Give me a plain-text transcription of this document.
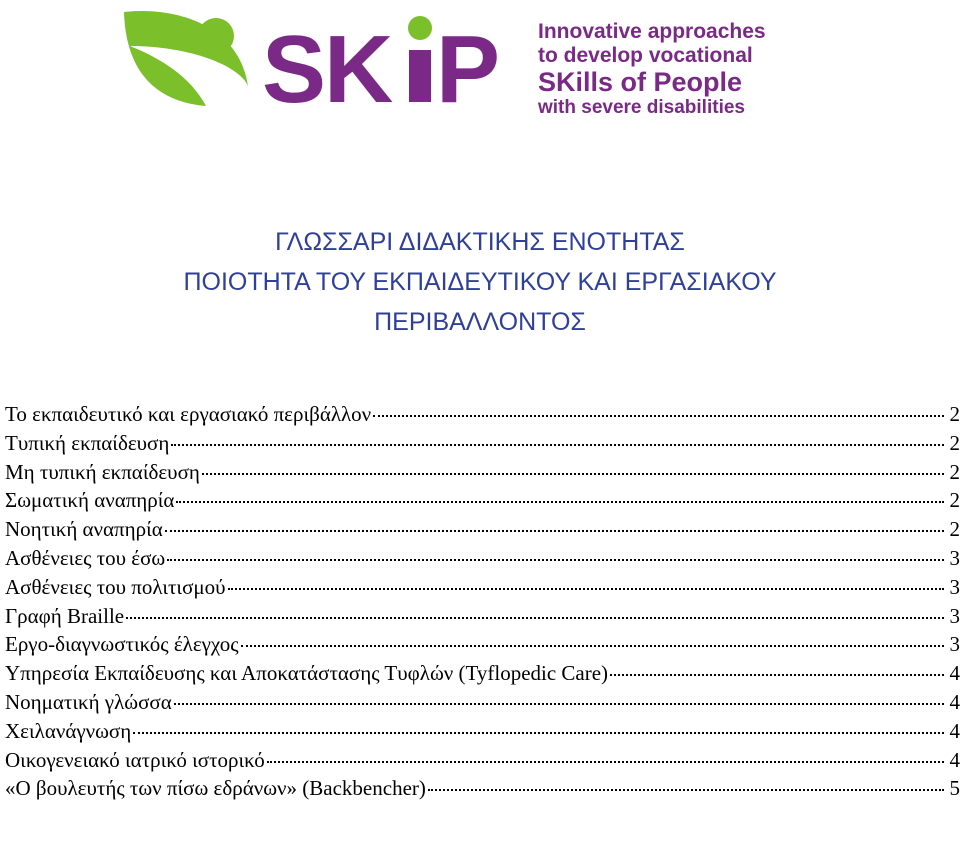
SK P Innovative approaches
to develop vocational
SKills of People
with severe disabilities
ΓΛΩΣΣΑΡΙ ΔΙΔΑΚΤΙΚΗΣ ΕΝΟΤΗΤΑΣ
ΠΟΙΟΤΗΤΑ ΤΟΥ ΕΚΠΑΙΔΕΥΤΙΚΟΥ ΚΑΙ ΕΡΓΑΣΙΑΚΟΥ
ΠΕΡΙΒΑΛΛΟΝΤΟΣ
Το εκπαιδευτικό και εργασιακό περιβάλλον	2
Τυπική εκπαίδευση	2
Μη τυπική εκπαίδευση	2
Σωματική αναπηρία	2
Νοητική αναπηρία	2
Ασθένειες του έσω	3
Ασθένειες του πολιτισμού	3
Γραφή Braille	3
Εργο-διαγνωστικός έλεγχος	3
Υπηρεσία Εκπαίδευσης και Αποκατάστασης Τυφλών (Tyflopedic Care)	4
Νοηματική γλώσσα	4
Χειλανάγνωση	4
Οικογενειακό ιατρικό ιστορικό	4
«Ο βουλευτής των πίσω εδράνων» (Backbencher)	5
